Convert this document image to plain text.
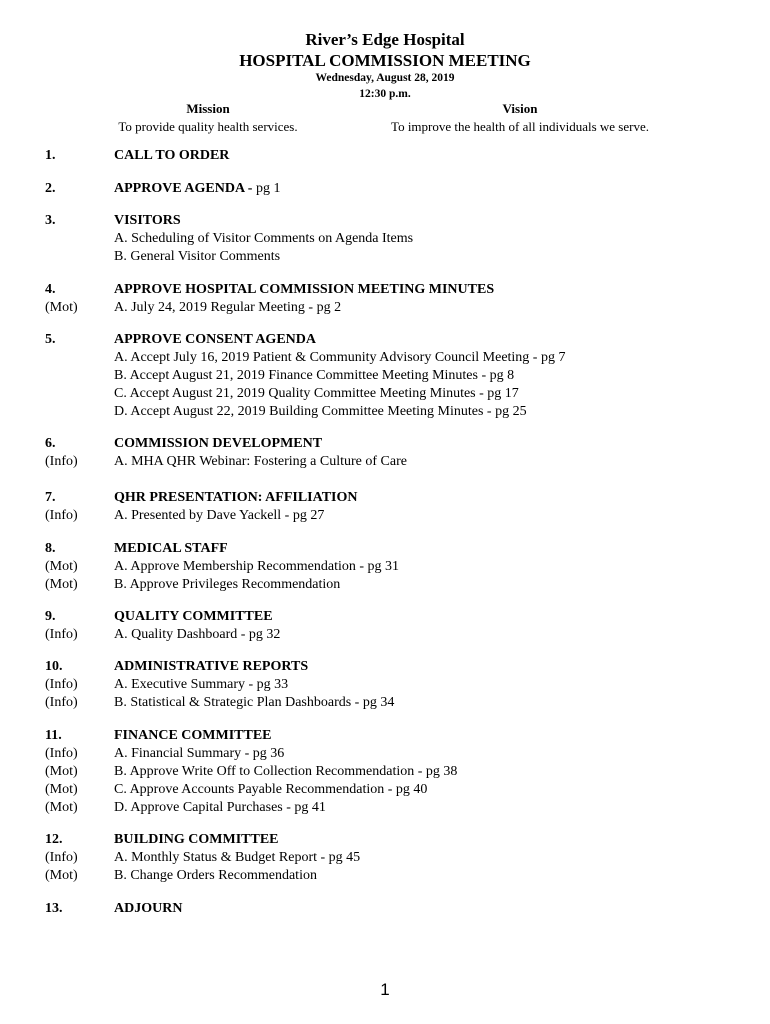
River’s Edge Hospital
HOSPITAL COMMISSION MEETING
Wednesday, August 28, 2019
12:30 p.m.
Mission
To provide quality health services.
Vision
To improve the health of all individuals we serve.
1.	CALL TO ORDER
2.	APPROVE AGENDA - pg 1
3.	VISITORS
A. Scheduling of Visitor Comments on Agenda Items
B. General Visitor Comments
4.	APPROVE HOSPITAL COMMISSION MEETING MINUTES
(Mot)	A. July 24, 2019 Regular Meeting - pg 2
5.	APPROVE CONSENT AGENDA
A. Accept July 16, 2019 Patient & Community Advisory Council Meeting - pg 7
B. Accept August 21, 2019 Finance Committee Meeting Minutes - pg 8
C. Accept August 21, 2019 Quality Committee Meeting Minutes - pg 17
D. Accept August 22, 2019 Building Committee Meeting Minutes - pg 25
6.	COMMISSION DEVELOPMENT
(Info)	A. MHA QHR Webinar: Fostering a Culture of Care
7.	QHR PRESENTATION: AFFILIATION
(Info)	A. Presented by Dave Yackell - pg 27
8.	MEDICAL STAFF
(Mot)	A. Approve Membership Recommendation - pg 31
(Mot)	B. Approve Privileges Recommendation
9.	QUALITY COMMITTEE
(Info)	A. Quality Dashboard - pg 32
10.	ADMINISTRATIVE REPORTS
(Info)	A. Executive Summary - pg 33
(Info)	B. Statistical & Strategic Plan Dashboards - pg 34
11.	FINANCE COMMITTEE
(Info)	A. Financial Summary - pg 36
(Mot)	B. Approve Write Off to Collection Recommendation - pg 38
(Mot)	C. Approve Accounts Payable Recommendation - pg 40
(Mot)	D. Approve Capital Purchases - pg 41
12.	BUILDING COMMITTEE
(Info)	A. Monthly Status & Budget Report - pg 45
(Mot)	B. Change Orders Recommendation
13.	ADJOURN
1
